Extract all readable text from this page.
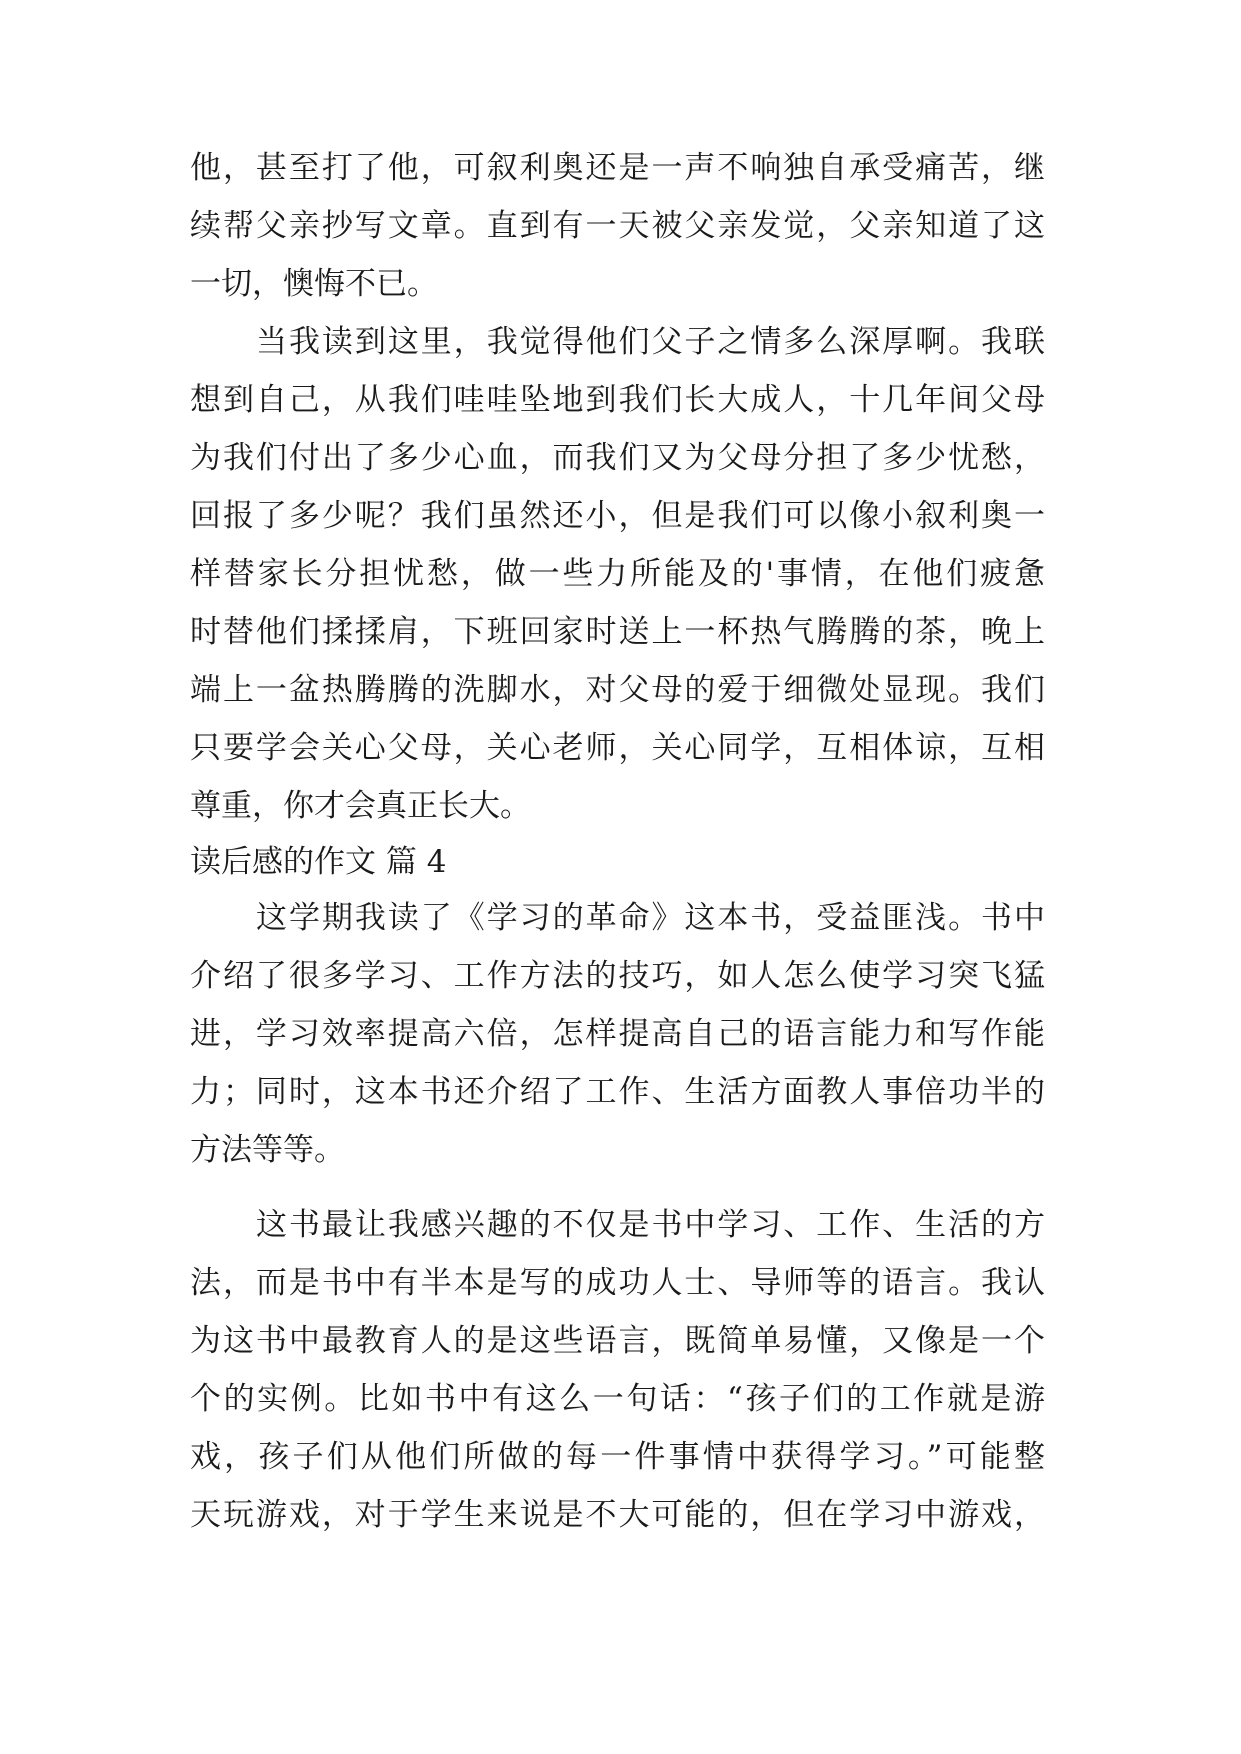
他，甚至打了他，可叙利奥还是一声不响独自承受痛苦，继
续帮父亲抄写文章。直到有一天被父亲发觉，父亲知道了这
一切，懊悔不已。
当我读到这里，我觉得他们父子之情多么深厚啊。我联
想到自己，从我们哇哇坠地到我们长大成人，十几年间父母
为我们付出了多少心血，而我们又为父母分担了多少忧愁，
回报了多少呢？我们虽然还小，但是我们可以像小叙利奥一
样替家长分担忧愁，做一些力所能及的'事情，在他们疲惫
时替他们揉揉肩，下班回家时送上一杯热气腾腾的茶，晚上
端上一盆热腾腾的洗脚水，对父母的爱于细微处显现。我们
只要学会关心父母，关心老师，关心同学，互相体谅，互相
尊重，你才会真正长大。
读后感的作文 篇 4
这学期我读了《学习的革命》这本书，受益匪浅。书中
介绍了很多学习、工作方法的技巧，如人怎么使学习突飞猛
进，学习效率提高六倍，怎样提高自己的语言能力和写作能
力；同时，这本书还介绍了工作、生活方面教人事倍功半的
方法等等。
这书最让我感兴趣的不仅是书中学习、工作、生活的方
法，而是书中有半本是写的成功人士、导师等的语言。我认
为这书中最教育人的是这些语言，既简单易懂，又像是一个
个的实例。比如书中有这么一句话：“孩子们的工作就是游
戏，孩子们从他们所做的每一件事情中获得学习。”可能整
天玩游戏，对于学生来说是不大可能的，但在学习中游戏，
